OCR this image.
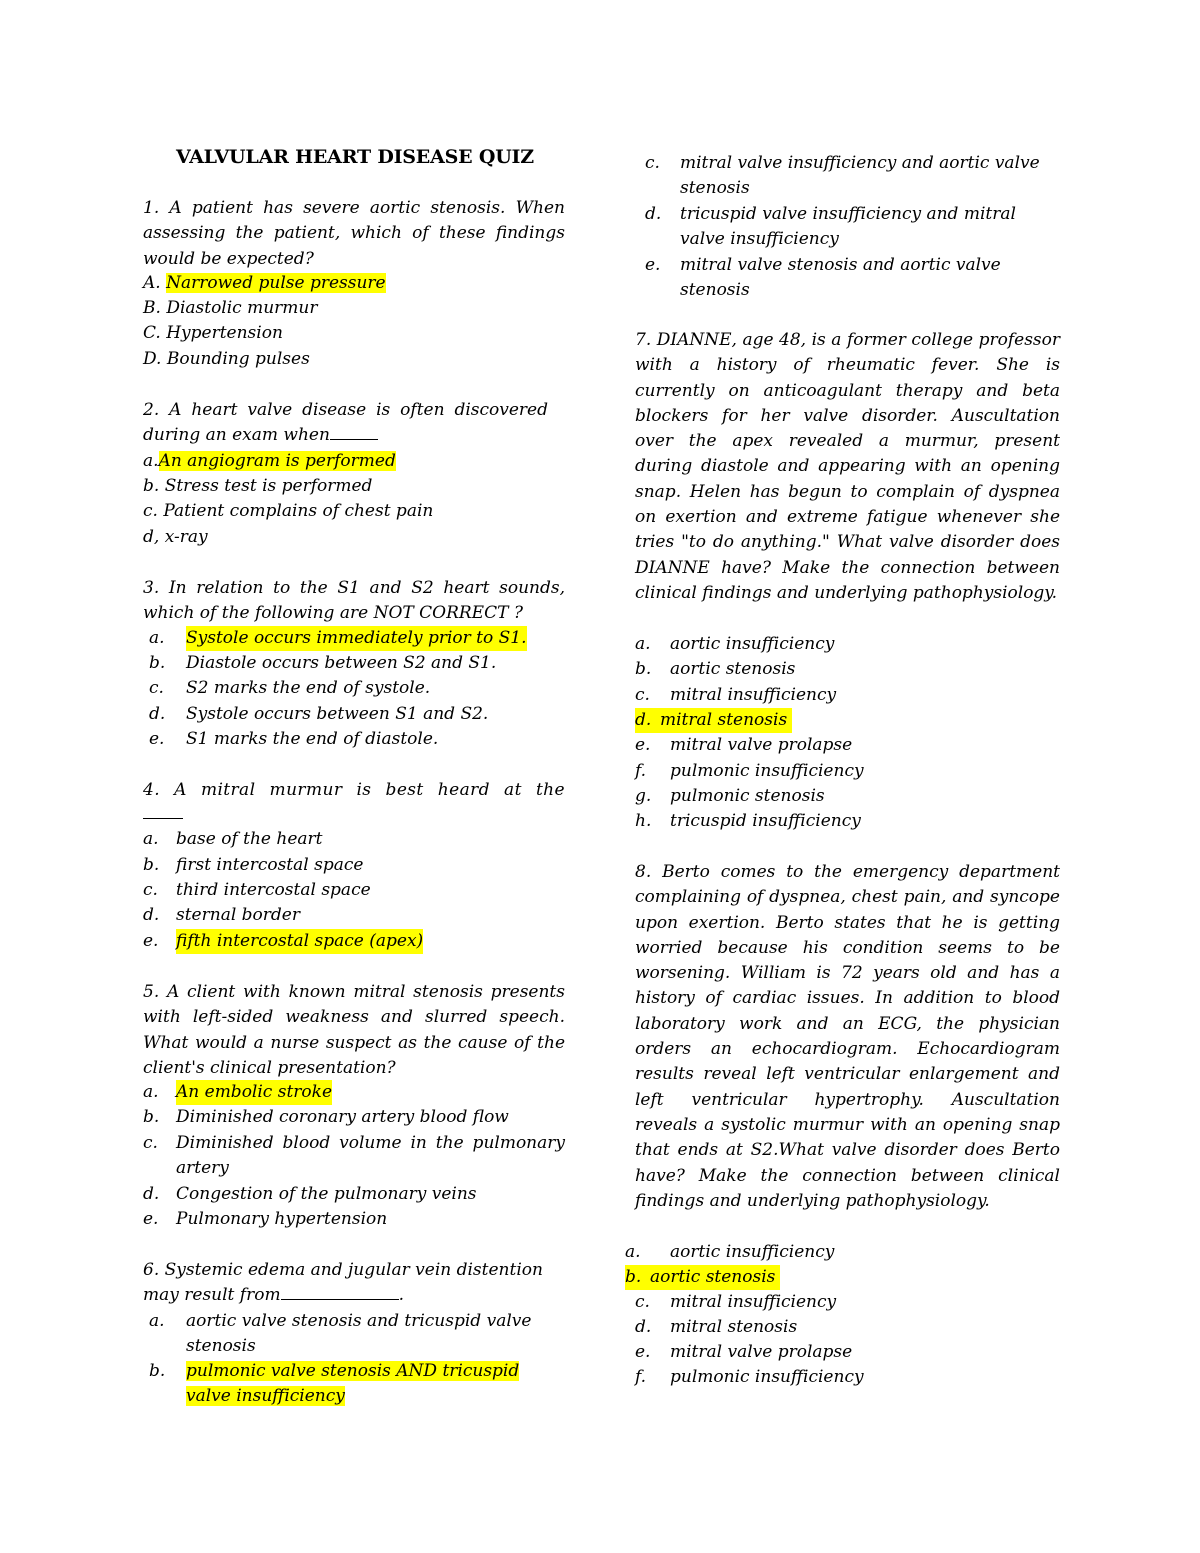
VALVULAR HEART DISEASE QUIZ
1. A patient has severe aortic stenosis. When assessing the patient, which of these findings would be expected?
A. Narrowed pulse pressure
B. Diastolic murmur
C. Hypertension
D. Bounding pulses
2. A heart valve disease is often discovered
during an exam when
a.An angiogram is performed
b. Stress test is performed
c. Patient complains of chest pain
d, x-ray
3. In relation to the S1 and S2 heart sounds,
which of the following are NOT CORRECT ?
a. Systole occurs immediately prior to S1.
b. Diastole occurs between S2 and S1.
c. S2 marks the end of systole.
d. Systole occurs between S1 and S2.
e. S1 marks the end of diastole.
4. A mitral murmur is best heard at the
a. base of the heart
b. first intercostal space
c. third intercostal space
d. sternal border
e. fifth intercostal space (apex)
5. A client with known mitral stenosis presents with left-sided weakness and slurred speech. What would a nurse suspect as the cause of the client's clinical presentation?
a. An embolic stroke
b. Diminished coronary artery blood flow
c. Diminished blood volume in the pulmonary artery
d. Congestion of the pulmonary veins
e. Pulmonary hypertension
6. Systemic edema and jugular vein distention
may result from	.
a. aortic valve stenosis and tricuspid valve stenosis
b. pulmonic valve stenosis AND tricuspid valve insufficiency
c. mitral valve insufficiency and aortic valve stenosis
d. tricuspid valve insufficiency and mitral valve insufficiency
e. mitral valve stenosis and aortic valve stenosis
7. DIANNE, age 48, is a former college professor with a history of rheumatic fever. She is currently on anticoagulant therapy and beta blockers for her valve disorder. Auscultation over the apex revealed a murmur, present during diastole and appearing with an opening snap. Helen has begun to complain of dyspnea on exertion and extreme fatigue whenever she tries "to do anything." What valve disorder does DIANNE have? Make the connection between clinical findings and underlying pathophysiology.
a. aortic insufficiency
b. aortic stenosis
c. mitral insufficiency
d. mitral stenosis
e. mitral valve prolapse
f. pulmonic insufficiency
g. pulmonic stenosis
h. tricuspid insufficiency
8. Berto comes to the emergency department complaining of dyspnea, chest pain, and syncope upon exertion. Berto states that he is getting worried because his condition seems to be worsening. William is 72 years old and has a history of cardiac issues. In addition to blood laboratory work and an ECG, the physician orders an echocardiogram. Echocardiogram results reveal left ventricular enlargement and left ventricular hypertrophy. Auscultation reveals a systolic murmur with an opening snap that ends at S2.What valve disorder does Berto have? Make the connection between clinical findings and underlying pathophysiology.
a. aortic insufficiency
b. aortic stenosis
c. mitral insufficiency
d. mitral stenosis
e. mitral valve prolapse
f. pulmonic insufficiency
